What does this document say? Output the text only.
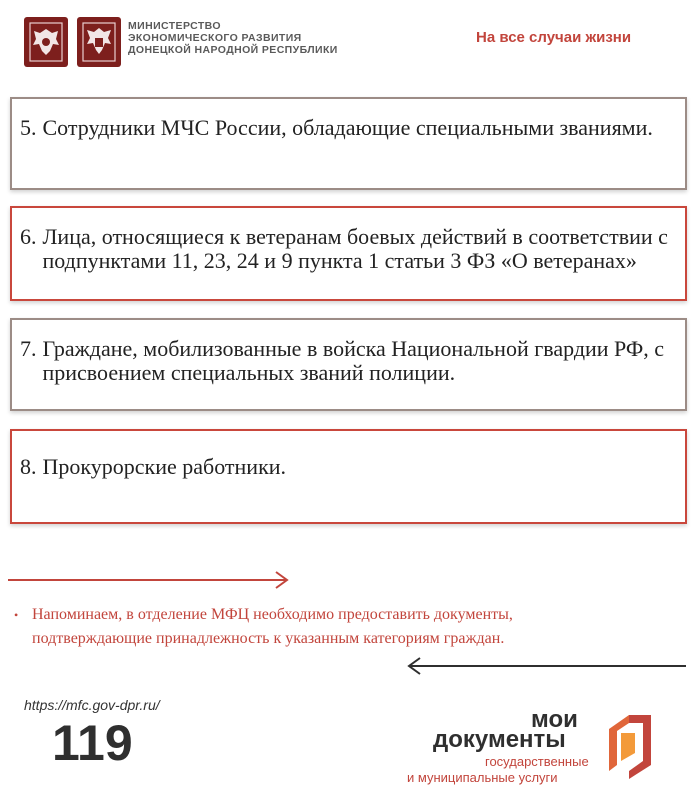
МИНИСТЕРСТВО
ЭКОНОМИЧЕСКОГО РАЗВИТИЯ
ДОНЕЦКОЙ НАРОДНОЙ РЕСПУБЛИКИ
На все случаи жизни
5. Сотрудники МЧС России, обладающие специальными званиями.
6. Лица, относящиеся к ветеранам боевых действий в соответствии с подпунктами 11, 23, 24 и 9 пункта 1 статьи 3 ФЗ «О ветеранах»
7. Граждане, мобилизованные в войска Национальной гвардии РФ, с присвоением специальных званий полиции.
8. Прокурорские работники.
• Напоминаем, в отделение МФЦ необходимо предоставить документы,
подтверждающие принадлежность к указанным категориям граждан.
https://mfc.gov-dpr.ru/
119	мои
документы
государственные
и муниципальные услуги
